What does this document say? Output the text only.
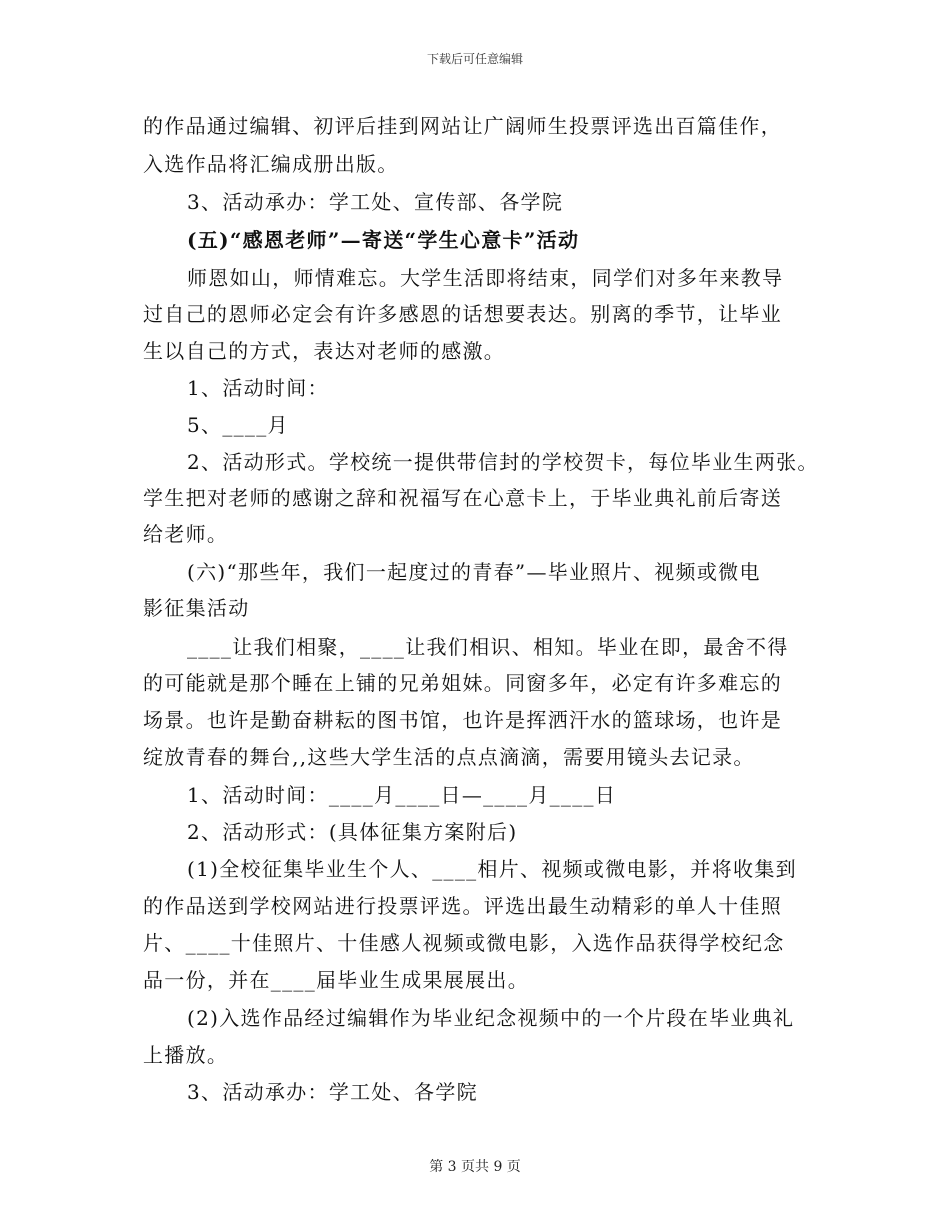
下载后可任意编辑
的作品通过编辑、初评后挂到网站让广阔师生投票评选出百篇佳作，
入选作品将汇编成册出版。
3、活动承办：学工处、宣传部、各学院
(五)“感恩老师”—寄送“学生心意卡”活动
师恩如山，师情难忘。大学生活即将结束，同学们对多年来教导
过自己的恩师必定会有许多感恩的话想要表达。别离的季节，让毕业
生以自己的方式，表达对老师的感激。
1、活动时间：
5、____月
2、活动形式。学校统一提供带信封的学校贺卡，每位毕业生两张。
学生把对老师的感谢之辞和祝福写在心意卡上，于毕业典礼前后寄送
给老师。
(六)“那些年，我们一起度过的青春”—毕业照片、视频或微电
影征集活动
____让我们相聚，____让我们相识、相知。毕业在即，最舍不得
的可能就是那个睡在上铺的兄弟姐妹。同窗多年，必定有许多难忘的
场景。也许是勤奋耕耘的图书馆，也许是挥洒汗水的篮球场，也许是
绽放青春的舞台,,这些大学生活的点点滴滴，需要用镜头去记录。
1、活动时间：____月____日—____月____日
2、活动形式：(具体征集方案附后)
(1)全校征集毕业生个人、____相片、视频或微电影，并将收集到
的作品送到学校网站进行投票评选。评选出最生动精彩的单人十佳照
片、____十佳照片、十佳感人视频或微电影，入选作品获得学校纪念
品一份，并在____届毕业生成果展展出。
(2)入选作品经过编辑作为毕业纪念视频中的一个片段在毕业典礼
上播放。
3、活动承办：学工处、各学院
第 3 页共 9 页
